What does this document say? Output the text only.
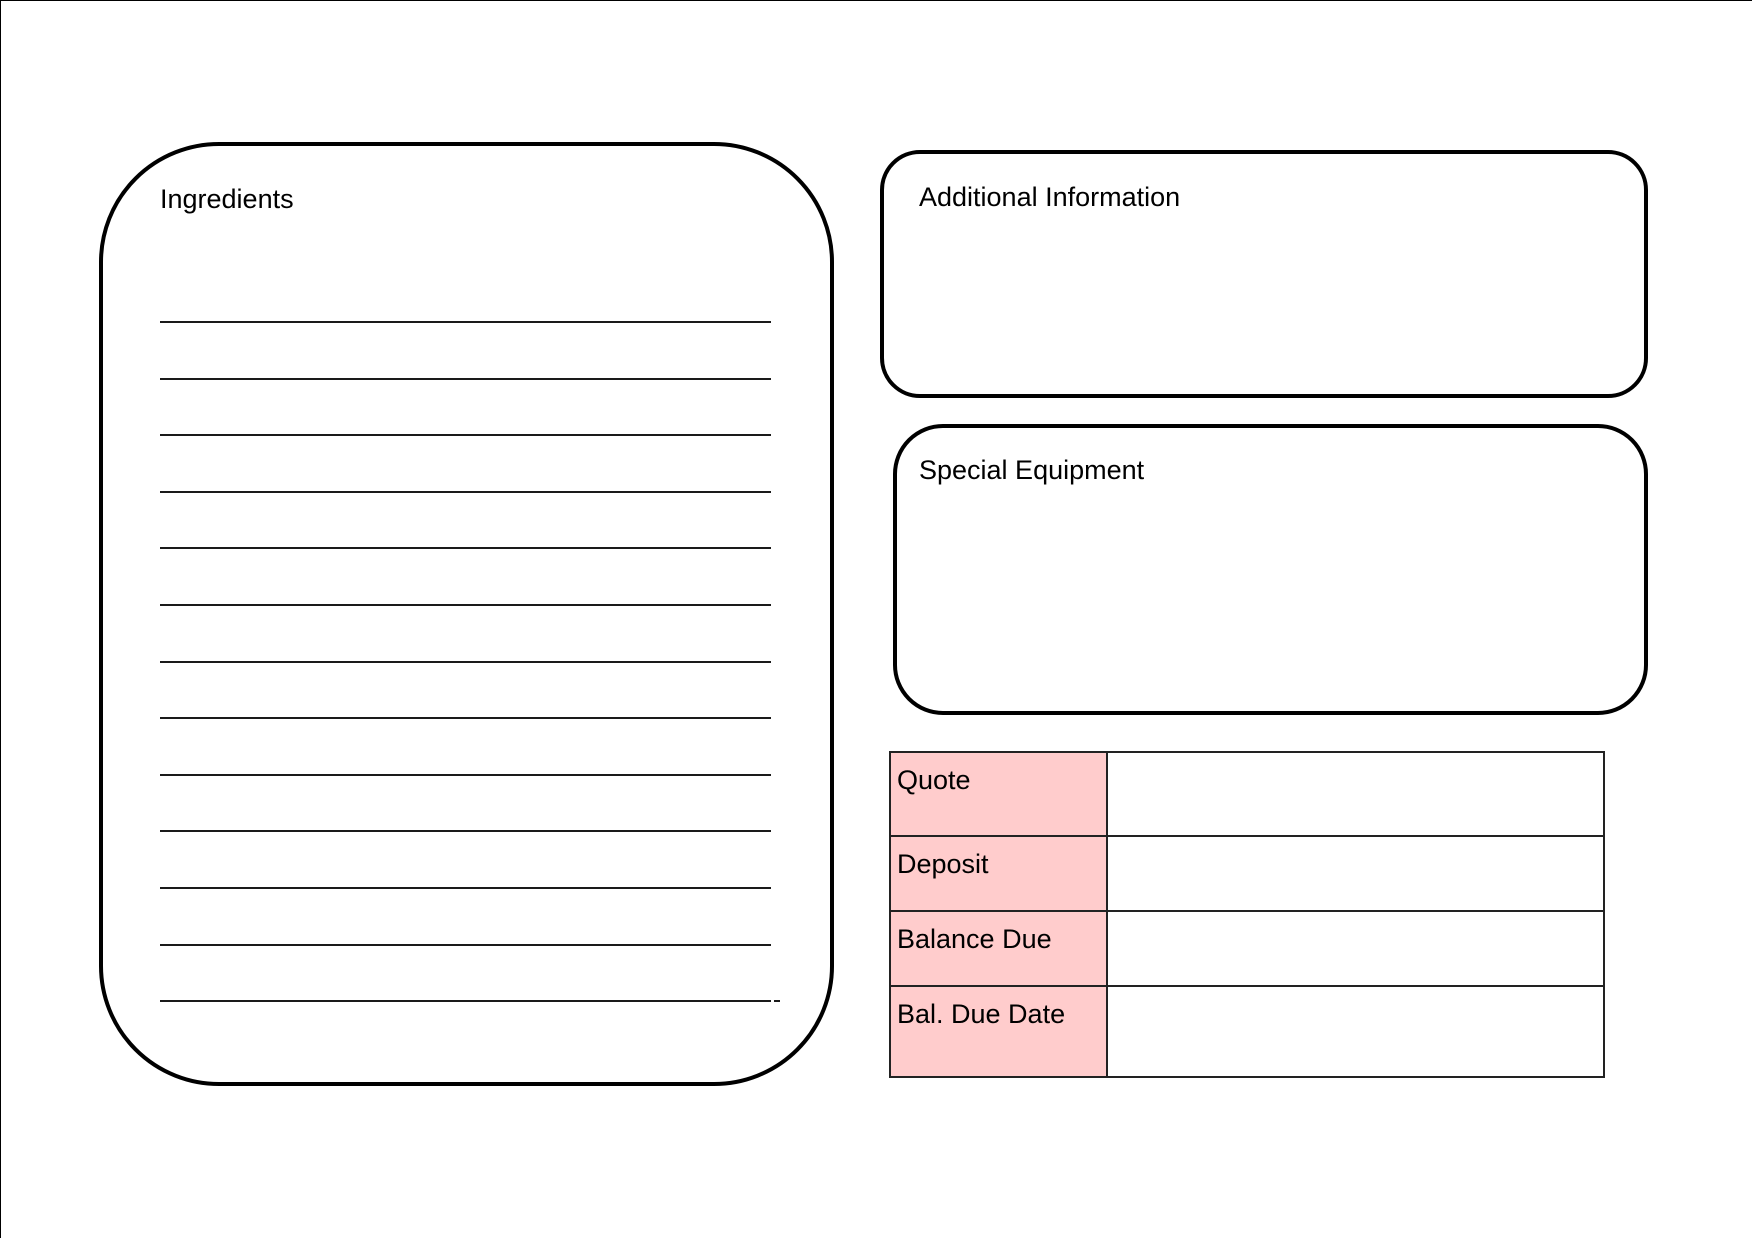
Ingredients	Additional Information
Special Equipment
Quote	
Deposit	
Balance Due	
Bal. Due Date	
